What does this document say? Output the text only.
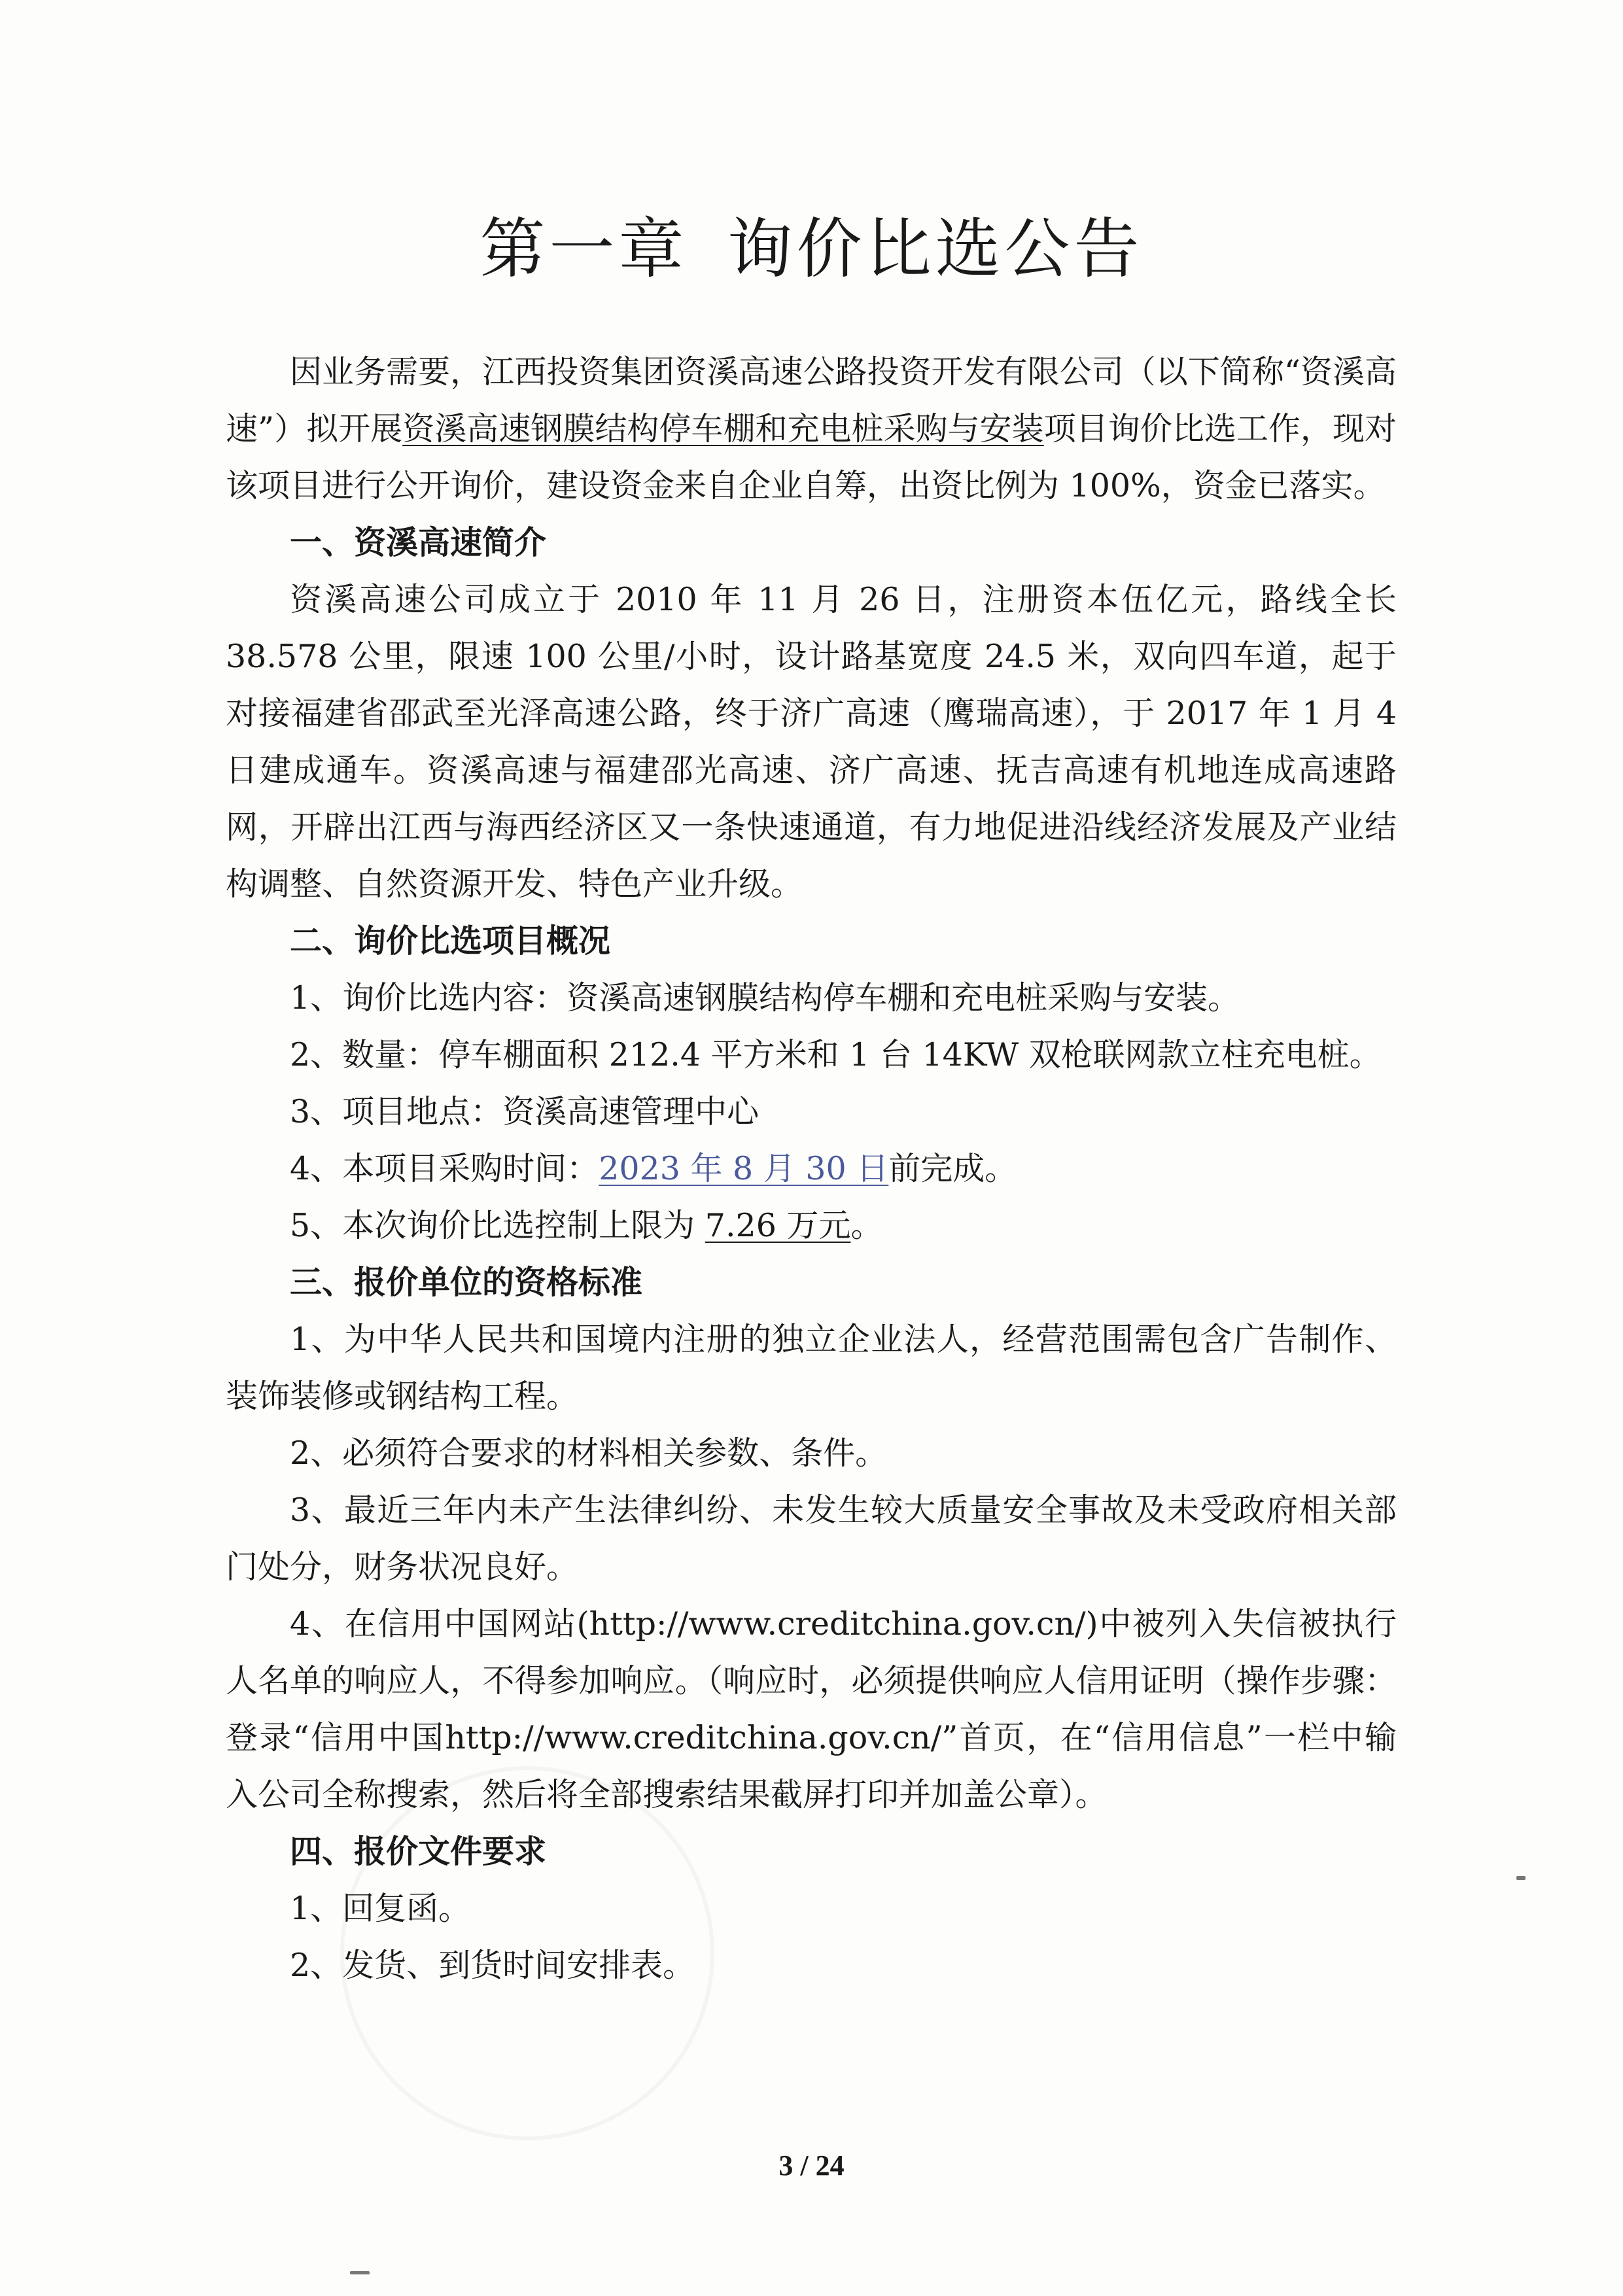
第一章 询价比选公告

因业务需要，江西投资集团资溪高速公路投资开发有限公司（以下简称“资溪高速”）拟开展资溪高速钢膜结构停车棚和充电桩采购与安装项目询价比选工作，现对该项目进行公开询价，建设资金来自企业自筹，出资比例为 100%，资金已落实。

一、资溪高速简介

资溪高速公司成立于 2010 年 11 月 26 日，注册资本伍亿元，路线全长 38.578 公里，限速 100 公里/小时，设计路基宽度 24.5 米，双向四车道，起于对接福建省邵武至光泽高速公路，终于济广高速（鹰瑞高速），于 2017 年 1 月 4 日建成通车。资溪高速与福建邵光高速、济广高速、抚吉高速有机地连成高速路网，开辟出江西与海西经济区又一条快速通道，有力地促进沿线经济发展及产业结构调整、自然资源开发、特色产业升级。

二、询价比选项目概况

1、询价比选内容：资溪高速钢膜结构停车棚和充电桩采购与安装。

2、数量：停车棚面积 212.4 平方米和 1 台 14KW 双枪联网款立柱充电桩。

3、项目地点：资溪高速管理中心

4、本项目采购时间：2023 年 8 月 30 日前完成。

5、本次询价比选控制上限为 7.26 万元。

三、报价单位的资格标准

1、为中华人民共和国境内注册的独立企业法人，经营范围需包含广告制作、装饰装修或钢结构工程。

2、必须符合要求的材料相关参数、条件。

3、最近三年内未产生法律纠纷、未发生较大质量安全事故及未受政府相关部门处分，财务状况良好。

4、在信用中国网站(http://www.creditchina.gov.cn/)中被列入失信被执行人名单的响应人，不得参加响应。（响应时，必须提供响应人信用证明（操作步骤：登录“信用中国http://www.creditchina.gov.cn/”首页，在“信用信息”一栏中输入公司全称搜索，然后将全部搜索结果截屏打印并加盖公章）。

四、报价文件要求

1、回复函。

2、发货、到货时间安排表。

3 / 24
